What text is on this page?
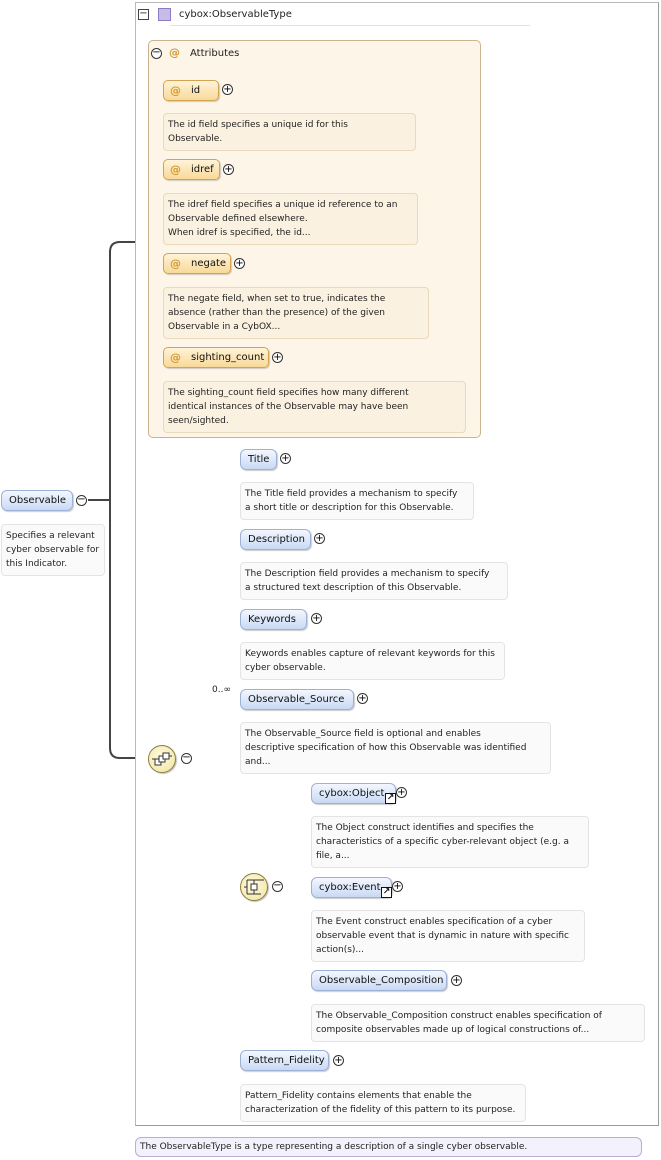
Observable −
Specifies a relevant
cyber observable for
this Indicator.
−	cybox:ObservableType
− @ Attributes
@ id +
The id field specifies a unique id for this
Observable.
@ idref +
The idref field specifies a unique id reference to an
Observable defined elsewhere.
When idref is specified, the id...
@ negate +
The negate field, when set to true, indicates the
absence (rather than the presence) of the given
Observable in a CybOX...
@ sighting_count +
The sighting_count field specifies how many different
identical instances of the Observable may have been
seen/sighted.
−
Title +
The Title field provides a mechanism to specify
a short title or description for this Observable.
Description +
The Description field provides a mechanism to specify
a structured text description of this Observable.
Keywords +
Keywords enables capture of relevant keywords for this
cyber observable.
0..∞
Observable_Source +
The Observable_Source field is optional and enables
descriptive specification of how this Observable was identified
and...
−
cybox:Object ↗ +
The Object construct identifies and specifies the
characteristics of a specific cyber-relevant object (e.g. a
file, a...
cybox:Event ↗ +
The Event construct enables specification of a cyber
observable event that is dynamic in nature with specific
action(s)...
Observable_Composition +
The Observable_Composition construct enables specification of
composite observables made up of logical constructions of...
Pattern_Fidelity +
Pattern_Fidelity contains elements that enable the
characterization of the fidelity of this pattern to its purpose.
The ObservableType is a type representing a description of a single cyber observable.
